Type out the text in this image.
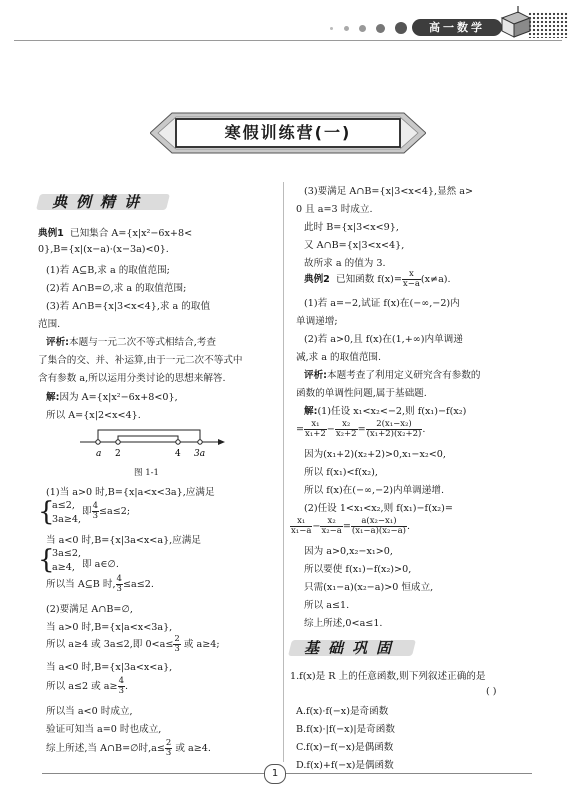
高一数学
寒假训练营(一)
典例精讲
典例1 已知集合 A={x|x²−6x+8<
0},B={x|(x−a)·(x−3a)<0}.
(1)若 A⊆B,求 a 的取值范围;
(2)若 A∩B=∅,求 a 的取值范围;
(3)若 A∩B={x|3<x<4},求 a 的取值
范围.
评析:本题与一元二次不等式相结合,考查
了集合的交、并、补运算,由于一元二次不等式中
含有参数 a,所以运用分类讨论的思想来解答.
解:因为 A={x|x²−6x+8<0},
所以 A={x|2<x<4}.
a 2	4 3a
图 1-1
(1)当 a>0 时,B={x|a<x<3a},应满足
{
a≤2,
3a≥4,
即 $\frac{4}{3} \le a\le 2$;
当 a<0 时,B={x|3a<x<a},应满足
{
3a≤2,
a≥4, 即 a∈∅.
所以当 A⊆B 时, $\frac{4}{3} \le a\le 2$.
(2)要满足 A∩B=∅,
当 a>0 时,B={x|a<x<3a},
所以 a≥4 或 3a≤2,即 $0<a\le \frac{2}{3}$ 或 a≥4;
当 a<0 时,B={x|3a<x<a},
所以 a≤2 或 $a\ge \frac{4}{3}$ .
所以当 a<0 时成立,
验证可知当 a=0 时也成立,
综上所述,当 A∩B=∅时$,a\le \frac{2}{3}$ 或 a≥4.
(3)要满足 A∩B={x|3<x<4},显然 a>
0 且 a=3 时成立.
此时 B={x|3<x<9},
又 A∩B={x|3<x<4},
故所求 a 的值为 3.
典例2 已知函数 $f(x)= \frac{x}{x-a} (x\ne a)$.
(1)若 a=−2,试证 f(x)在(−∞,−2)内
单调递增;
(2)若 a>0,且 f(x)在(1,+∞)内单调递
减,求 a 的取值范围.
评析:本题考查了利用定义研究含有参数的
函数的单调性问题,属于基础题.
解:(1)任设 x₁<x₂<−2,则 f(x₁)−f(x₂)
= $\frac{\text{x₁}}{\text{x₁+2}} - \frac{\text{x₂}}{\text{x₂+2}} = \frac{\text{2(x₁−x₂)}}{\text{(x₁+2)(x₂+2)}}$ .
因为(x₁+2)(x₂+2)>0,x₁−x₂<0,
所以 f(x₁)<f(x₂),
所以 f(x)在(−∞,−2)内单调递增.
(2)任设 1<x₁<x₂,则 f(x₁)−f(x₂)=
$\frac{\text{x₁}}{\text{x₁−a}} - \frac{\text{x₂}}{\text{x₂−a}} = \frac{\text{a(x₂−x₁)}}{\text{(x₁−a)(x₂−a)}}$ .
因为 a>0,x₂−x₁>0,
所以要使 f(x₁)−f(x₂)>0,
只需(x₁−a)(x₂−a)>0 恒成立,
所以 a≤1.
综上所述,0<a≤1.
基础巩固
1.f(x)是 R 上的任意函数,则下列叙述正确的是
( )
A.f(x)·f(−x)是奇函数
B.f(x)·|f(−x)|是奇函数
C.f(x)−f(−x)是偶函数
D.f(x)+f(−x)是偶函数
1
